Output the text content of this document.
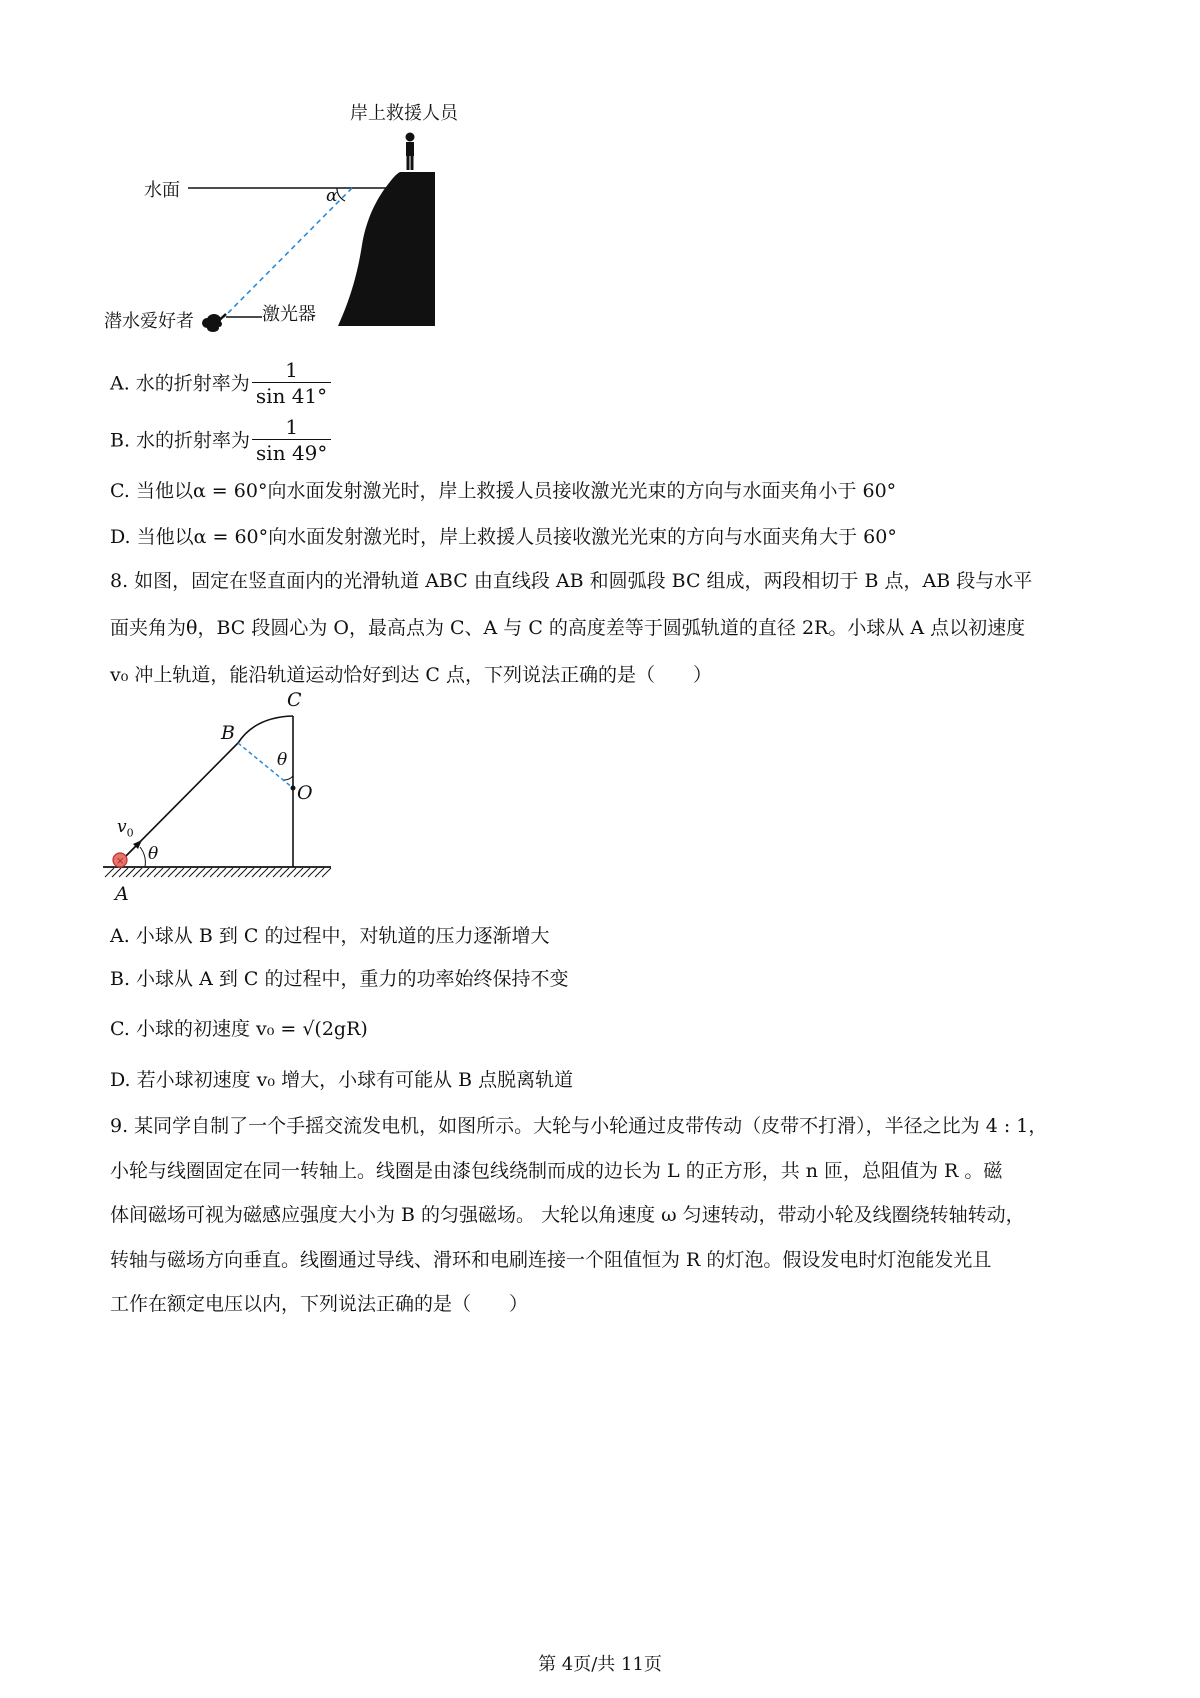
岸上救援人员
水面	α
潜水爱好者	激光器
A. 水的折射率为 $\frac{1}{\sin 41^\circ}$
B. 水的折射率为 $\frac{1}{\sin 49^\circ}$
C. 当他以α = 60°向水面发射激光时，岸上救援人员接收激光光束的方向与水面夹角小于 60°
D. 当他以α = 60°向水面发射激光时，岸上救援人员接收激光光束的方向与水面夹角大于 60°
8. 如图，固定在竖直面内的光滑轨道 ABC 由直线段 AB 和圆弧段 BC 组成，两段相切于 B 点，AB 段与水平
面夹角为θ，BC 段圆心为 O，最高点为 C、A 与 C 的高度差等于圆弧轨道的直径 2R。小球从 A 点以初速度
v₀ 冲上轨道，能沿轨道运动恰好到达 C 点，下列说法正确的是（　　）
×
C
B
θ
O
$v_0$
θ
A
A. 小球从 B 到 C 的过程中，对轨道的压力逐渐增大
B. 小球从 A 到 C 的过程中，重力的功率始终保持不变
C. 小球的初速度 v₀ = √(2gR)
D. 若小球初速度 v₀ 增大，小球有可能从 B 点脱离轨道
9. 某同学自制了一个手摇交流发电机，如图所示。大轮与小轮通过皮带传动（皮带不打滑），半径之比为 4 : 1，
小轮与线圈固定在同一转轴上。线圈是由漆包线绕制而成的边长为 L 的正方形，共 n 匝，总阻值为 R 。磁
体间磁场可视为磁感应强度大小为 B 的匀强磁场。 大轮以角速度 ω 匀速转动，带动小轮及线圈绕转轴转动，
转轴与磁场方向垂直。线圈通过导线、滑环和电刷连接一个阻值恒为 R 的灯泡。假设发电时灯泡能发光且
工作在额定电压以内，下列说法正确的是（　　）
第 4页/共 11页
